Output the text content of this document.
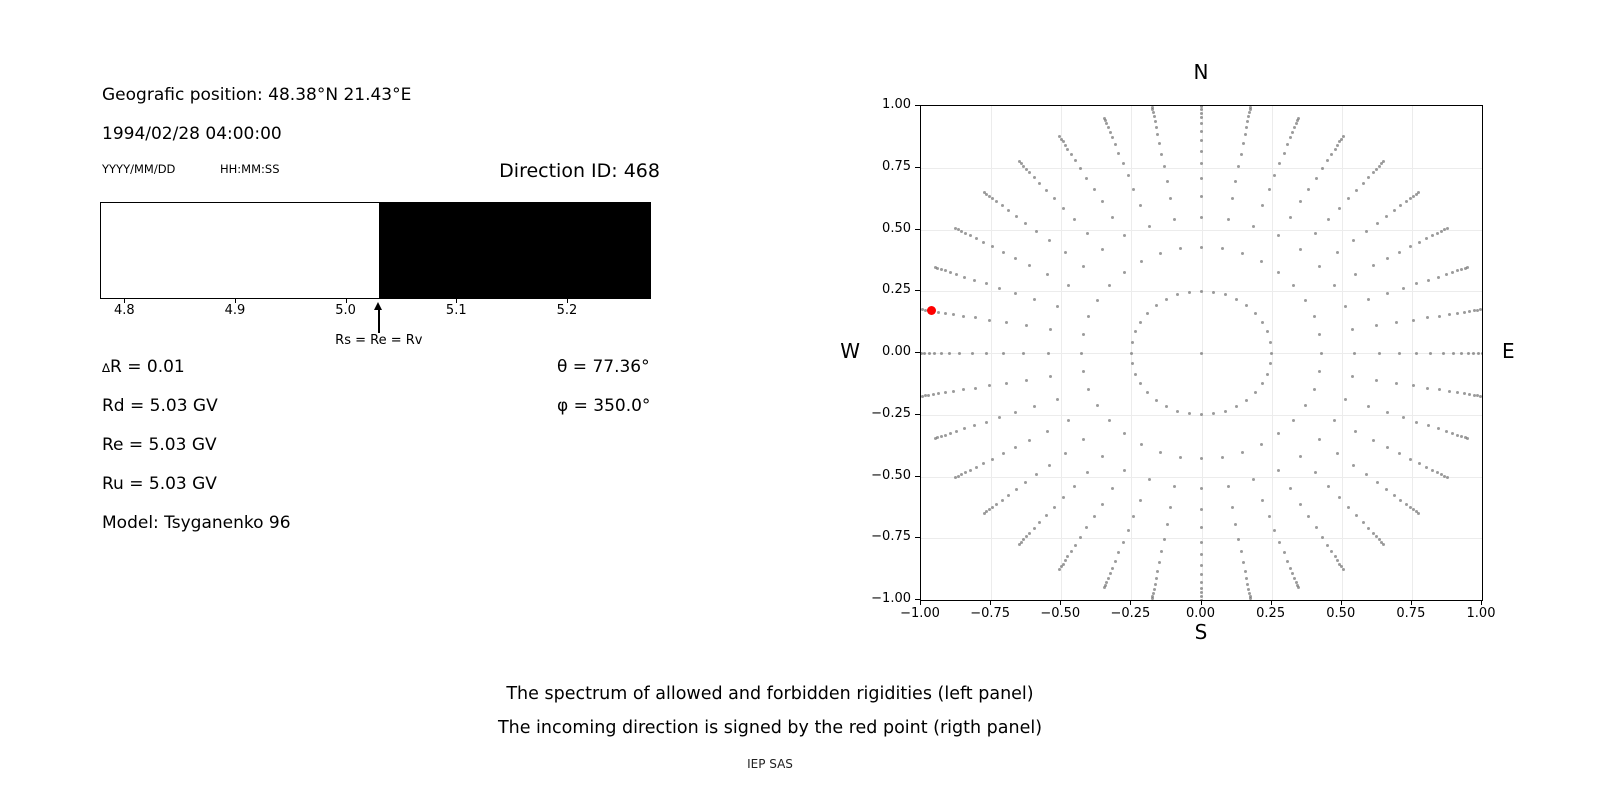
Geografic position: 48.38°N 21.43°E
1994/02/28 04:00:00
YYYY/MM/DD	HH:MM:SS	Direction ID: 468
4.8	4.9	5.0	5.1	5.2
Rs = Re = Rv
∆R = 0.01
Rd = 5.03 GV
Re = 5.03 GV
Ru = 5.03 GV
Model: Tsyganenko 96
θ = 77.36°
φ = 350.0°
N
S
W	E
1.00
0.75
0.50
0.25
0.00
−0.25
−0.50
−0.75
−1.00
−1.00	−0.75	−0.50	−0.25	0.00	0.25	0.50	0.75	1.00
The spectrum of allowed and forbidden rigidities (left panel)
The incoming direction is signed by the red point (rigth panel)
IEP SAS
